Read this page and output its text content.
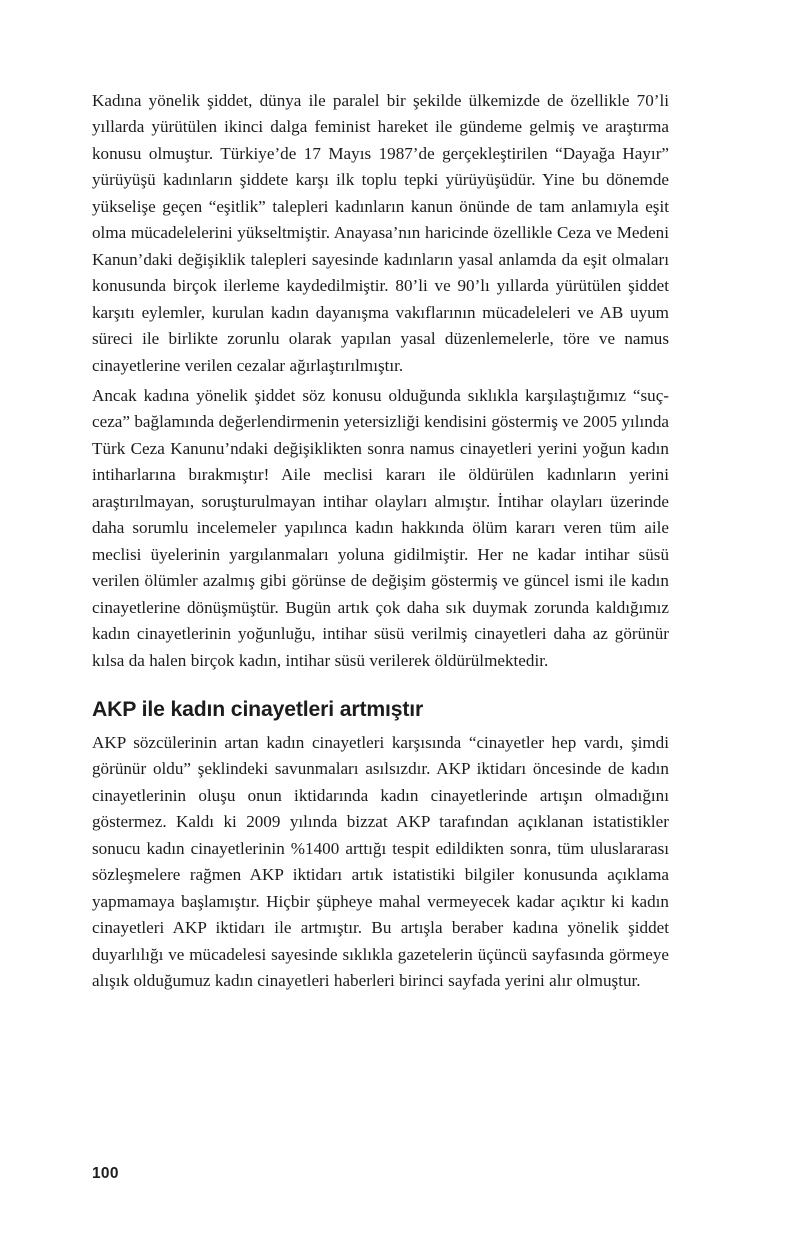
Kadına yönelik şiddet, dünya ile paralel bir şekilde ülkemizde de özellikle 70’li yıllarda yürütülen ikinci dalga feminist hareket ile gündeme gelmiş ve araştırma konusu olmuştur. Türkiye’de 17 Mayıs 1987’de gerçekleştirilen “Dayağa Hayır” yürüyüşü kadınların şiddete karşı ilk toplu tepki yürüyüşüdür. Yine bu dönemde yükselişe geçen “eşitlik” talepleri kadınların kanun önünde de tam anlamıyla eşit olma mücadelelerini yükseltmiştir. Anayasa’nın haricinde özellikle Ceza ve Medeni Kanun’daki değişiklik talepleri sayesinde kadınların yasal anlamda da eşit olmaları konusunda birçok ilerleme kaydedilmiştir. 80’li ve 90’lı yıllarda yürütülen şiddet karşıtı eylemler, kurulan kadın dayanışma vakıflarının mücadeleleri ve AB uyum süreci ile birlikte zorunlu olarak yapılan yasal düzenlemelerle, töre ve namus cinayetlerine verilen cezalar ağırlaştırılmıştır.

Ancak kadına yönelik şiddet söz konusu olduğunda sıklıkla karşılaştığımız “suç-ceza” bağlamında değerlendirmenin yetersizliği kendisini göstermiş ve 2005 yılında Türk Ceza Kanunu’ndaki değişiklikten sonra namus cinayetleri yerini yoğun kadın intiharlarına bırakmıştır! Aile meclisi kararı ile öldürülen kadınların yerini araştırılmayan, soruşturulmayan intihar olayları almıştır. İntihar olayları üzerinde daha sorumlu incelemeler yapılınca kadın hakkında ölüm kararı veren tüm aile meclisi üyelerinin yargılanmaları yoluna gidilmiştir. Her ne kadar intihar süsü verilen ölümler azalmış gibi görünse de değişim göstermiş ve güncel ismi ile kadın cinayetlerine dönüşmüştür. Bugün artık çok daha sık duymak zorunda kaldığımız kadın cinayetlerinin yoğunluğu, intihar süsü verilmiş cinayetleri daha az görünür kılsa da halen birçok kadın, intihar süsü verilerek öldürülmektedir.

AKP ile kadın cinayetleri artmıştır

AKP sözcülerinin artan kadın cinayetleri karşısında “cinayetler hep vardı, şimdi görünür oldu” şeklindeki savunmaları asılsızdır. AKP iktidarı öncesinde de kadın cinayetlerinin oluşu onun iktidarında kadın cinayetlerinde artışın olmadığını göstermez. Kaldı ki 2009 yılında bizzat AKP tarafından açıklanan istatistikler sonucu kadın cinayetlerinin %1400 arttığı tespit edildikten sonra, tüm uluslararası sözleşmelere rağmen AKP iktidarı artık istatistiki bilgiler konusunda açıklama yapmamaya başlamıştır. Hiçbir şüpheye mahal vermeyecek kadar açıktır ki kadın cinayetleri AKP iktidarı ile artmıştır. Bu artışla beraber kadına yönelik şiddet duyarlılığı ve mücadelesi sayesinde sıklıkla gazetelerin üçüncü sayfasında görmeye alışık olduğumuz kadın cinayetleri haberleri birinci sayfada yerini alır olmuştur.

100
